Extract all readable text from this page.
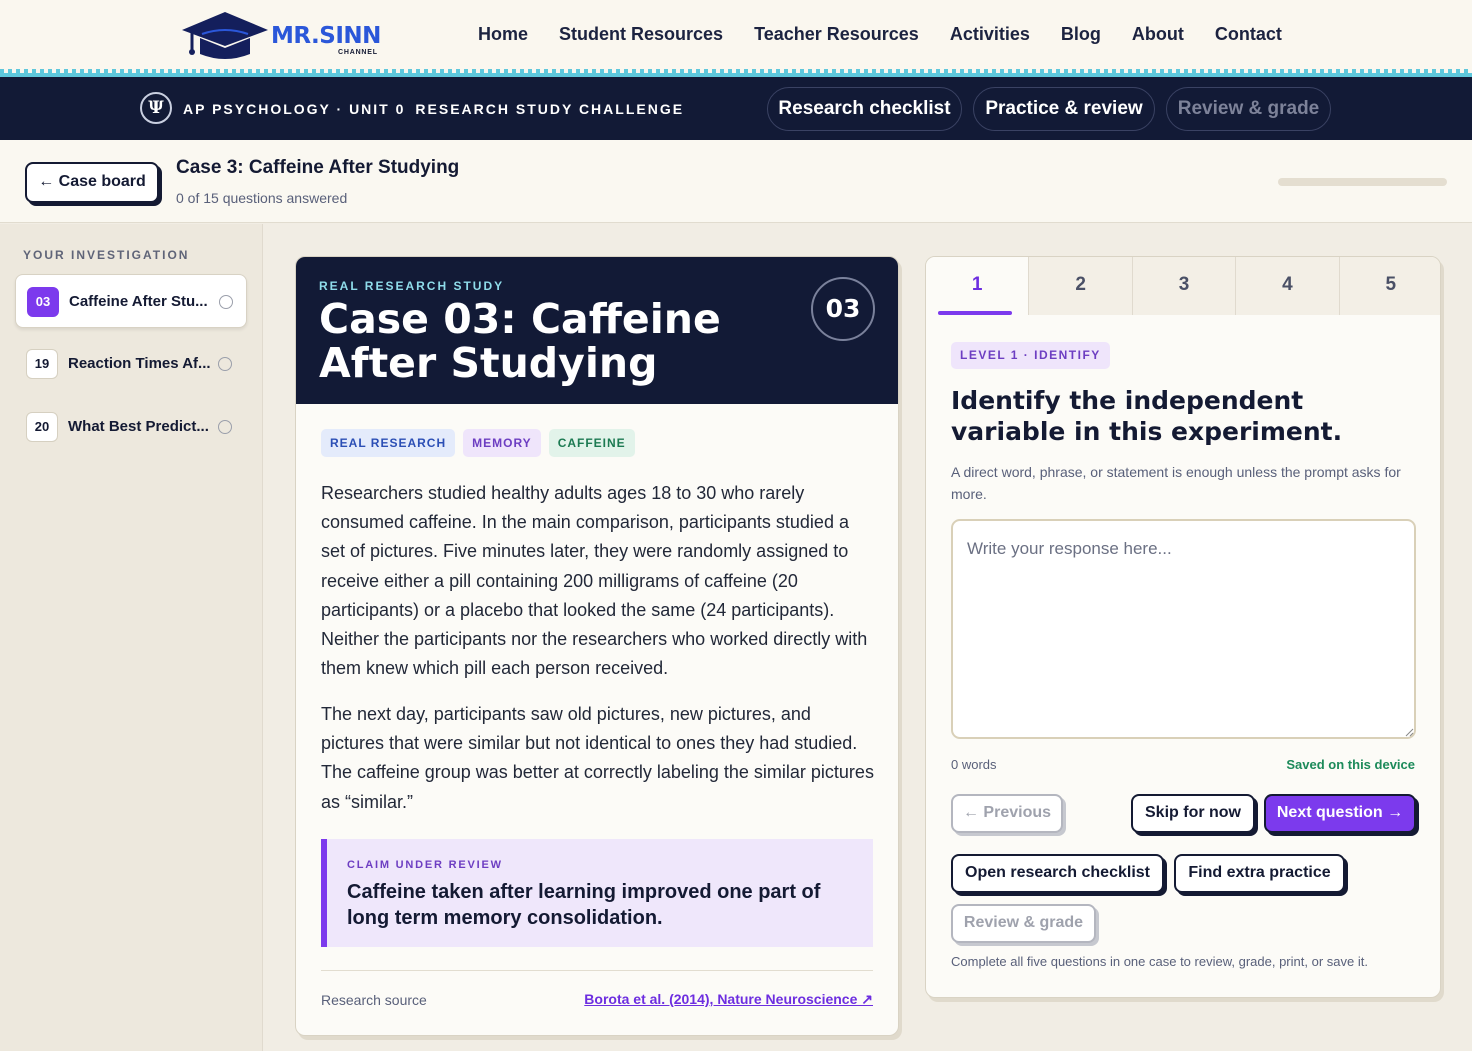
MR.SINN
CHANNEL
Home Student Resources Teacher Resources Activities Blog About Contact
Ψ	AP PSYCHOLOGY · UNIT 0 RESEARCH STUDY CHALLENGE	Research checklist	Practice & review	Review & grade
← Case board
Case 3: Caffeine After Studying
0 of 15 questions answered
YOUR INVESTIGATION
03	Caffeine After Stu...
19	Reaction Times Af...
20	What Best Predict...
REAL RESEARCH STUDY
Case 03: Caffeine After Studying
03
REAL RESEARCH	MEMORY	CAFFEINE

Researchers studied healthy adults ages 18 to 30 who rarely consumed caffeine. In the main comparison, participants studied a set of pictures. Five minutes later, they were randomly assigned to receive either a pill containing 200 milligrams of caffeine (20 participants) or a placebo that looked the same (24 participants). Neither the participants nor the researchers who worked directly with them knew which pill each person received.

The next day, participants saw old pictures, new pictures, and pictures that were similar but not identical to ones they had studied. The caffeine group was better at correctly labeling the similar pictures as “similar.”

CLAIM UNDER REVIEW
Caffeine taken after learning improved one part of long term memory consolidation.
Research source	Borota et al. (2014), Nature Neuroscience ↗
1	2	3	4	5
LEVEL 1 · IDENTIFY
Identify the independent variable in this experiment.
A direct word, phrase, or statement is enough unless the prompt asks for more.
Write your response here...
0 words	Saved on this device
← Previous	Skip for now	Next question →
Open research checklist	Find extra practice
Review & grade
Complete all five questions in one case to review, grade, print, or save it.
